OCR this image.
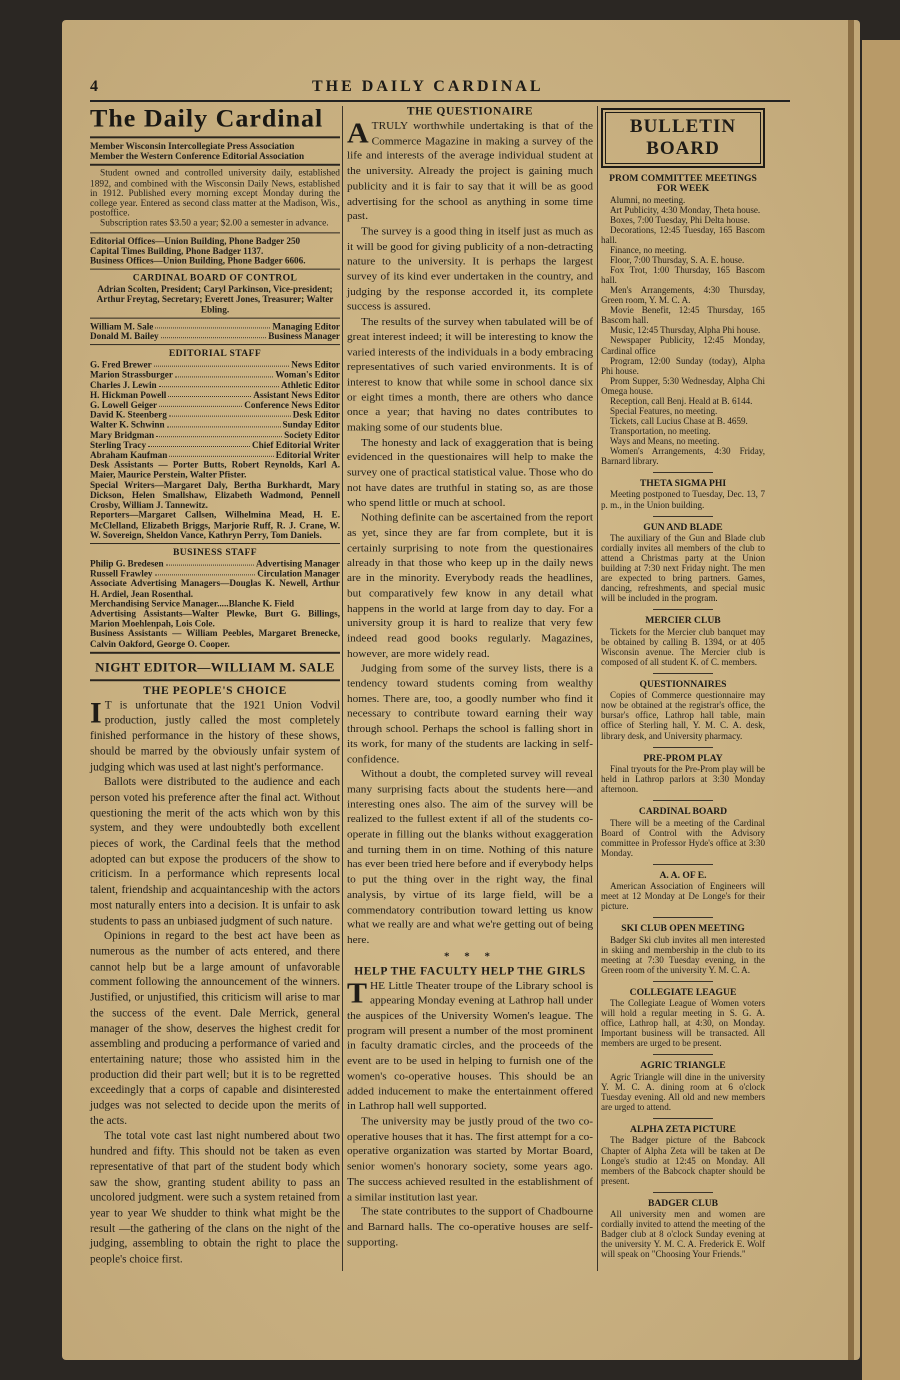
4	THE DAILY CARDINAL
The Daily Cardinal
Member Wisconsin Intercollegiate Press Association
Member the Western Conference Editorial Association
Student owned and controlled university daily, established 1892, and combined with the Wisconsin Daily News, established in 1912. Published every morning except Monday during the college year. Entered as second class matter at the Madison, Wis., postoffice.
Subscription rates $3.50 a year; $2.00 a semester in advance.
Editorial Offices—Union Building, Phone Badger 250
Capital Times Building, Phone Badger 1137.
Business Offices—Union Building, Phone Badger 6606.
CARDINAL BOARD OF CONTROL
Adrian Scolten, President; Caryl Parkinson, Vice-president; Arthur Freytag, Secretary; Everett Jones, Treasurer; Walter Ebling.
William M. Sale	Managing Editor
Donald M. Bailey	Business Manager
EDITORIAL STAFF
G. Fred Brewer	News Editor
Marion Strassburger	Woman's Editor
Charles J. Lewin	Athletic Editor
H. Hickman Powell	Assistant News Editor
G. Lowell Geiger	Conference News Editor
David K. Steenberg	Desk Editor
Walter K. Schwinn	Sunday Editor
Mary Bridgman	Society Editor
Sterling Tracy	Chief Editorial Writer
Abraham Kaufman	Editorial Writer
Desk Assistants — Porter Butts, Robert Reynolds, Karl A. Maier, Maurice Perstein, Walter Pfister.
Special Writers—Margaret Daly, Bertha Burkhardt, Mary Dickson, Helen Smallshaw, Elizabeth Wadmond, Pennell Crosby, William J. Tannewitz.
Reporters—Margaret Callsen, Wilhelmina Mead, H. E. McClelland, Elizabeth Briggs, Marjorie Ruff, R. J. Crane, W. W. Sovereign, Sheldon Vance, Kathryn Perry, Tom Daniels.
BUSINESS STAFF
Philip G. Bredesen	Advertising Manager
Russell Frawley	Circulation Manager
Associate Advertising Managers—Douglas K. Newell, Arthur H. Ardiel, Jean Rosenthal.
Merchandising Service Manager.....Blanche K. Field
Advertising Assistants—Walter Plewke, Burt G. Billings, Marion Moehlenpah, Lois Cole.
Business Assistants — William Peebles, Margaret Brenecke, Calvin Oakford, George O. Cooper.
NIGHT EDITOR—WILLIAM M. SALE
THE PEOPLE'S CHOICE

I T is unfortunate that the 1921 Union Vodvil production, justly called the most completely finished performance in the history of these shows, should be marred by the obviously unfair system of judging which was used at last night's performance.

Ballots were distributed to the audience and each person voted his preference after the final act. Without questioning the merit of the acts which won by this system, and they were undoubtedly both excellent pieces of work, the Cardinal feels that the method adopted can but expose the producers of the show to criticism. In a performance which represents local talent, friendship and acquaintanceship with the actors most naturally enters into a decision. It is unfair to ask students to pass an unbiased judgment of such nature.

Opinions in regard to the best act have been as numerous as the number of acts entered, and there cannot help but be a large amount of unfavorable comment following the announcement of the winners. Justified, or unjustified, this criticism will arise to mar the success of the event. Dale Merrick, general manager of the show, deserves the highest credit for assembling and producing a performance of varied and entertaining nature; those who assisted him in the production did their part well; but it is to be regretted exceedingly that a corps of capable and disinterested judges was not selected to decide upon the merits of the acts.

The total vote cast last night numbered about two hundred and fifty. This should not be taken as even representative of that part of the student body which saw the show, granting student ability to pass an uncolored judgment. were such a system retained from year to year We shudder to think what might be the result —the gathering of the clans on the night of the judging, assembling to obtain the right to place the people's choice first.

THE QUESTIONAIRE

ATRULY worthwhile undertaking is that of the Commerce Magazine in making a survey of the life and interests of the average individual student at the university. Already the project is gaining much publicity and it is fair to say that it will be as good advertising for the school as anything in some time past.

The survey is a good thing in itself just as much as it will be good for giving publicity of a non-detracting nature to the university. It is perhaps the largest survey of its kind ever undertaken in the country, and judging by the response accorded it, its complete success is assured.

The results of the survey when tabulated will be of great interest indeed; it will be interesting to know the varied interests of the individuals in a body embracing representatives of such varied environments. It is of interest to know that while some in school dance six or eight times a month, there are others who dance once a year; that having no dates contributes to making some of our students blue.

The honesty and lack of exaggeration that is being evidenced in the questionaires will help to make the survey one of practical statistical value. Those who do not have dates are truthful in stating so, as are those who spend little or much at school.

Nothing definite can be ascertained from the report as yet, since they are far from complete, but it is certainly surprising to note from the questionaires already in that those who keep up in the daily news are in the minority. Everybody reads the headlines, but comparatively few know in any detail what happens in the world at large from day to day. For a university group it is hard to realize that very few indeed read good books regularly. Magazines, however, are more widely read.

Judging from some of the survey lists, there is a tendency toward students coming from wealthy homes. There are, too, a goodly number who find it necessary to contribute toward earning their way through school. Perhaps the school is falling short in its work, for many of the students are lacking in self-confidence.

Without a doubt, the completed survey will reveal many surprising facts about the students here—and interesting ones also. The aim of the survey will be realized to the fullest extent if all of the students co-operate in filling out the blanks without exaggeration and turning them in on time. Nothing of this nature has ever been tried here before and if everybody helps to put the thing over in the right way, the final analysis, by virtue of its large field, will be a commendatory contribution toward letting us know what we really are and what we're getting out of being here.

* * *
HELP THE FACULTY HELP THE GIRLS

THE Little Theater troupe of the Library school is appearing Monday evening at Lathrop hall under the auspices of the University Women's league. The program will present a number of the most prominent in faculty dramatic circles, and the proceeds of the event are to be used in helping to furnish one of the women's co-operative houses. This should be an added inducement to make the entertainment offered in Lathrop hall well supported.

The university may be justly proud of the two co-operative houses that it has. The first attempt for a co-operative organization was started by Mortar Board, senior women's honorary society, some years ago. The success achieved resulted in the establishment of a similar institution last year.

The state contributes to the support of Chadbourne and Barnard halls. The co-operative houses are self-supporting.

BULLETIN BOARD
PROM COMMITTEE MEETINGS
FOR WEEK
Alumni, no meeting.
Art Publicity, 4:30 Monday, Theta house.
Boxes, 7:00 Tuesday, Phi Delta house.
Decorations, 12:45 Tuesday, 165 Bascom hall.
Finance, no meeting.
Floor, 7:00 Thursday, S. A. E. house.
Fox Trot, 1:00 Thursday, 165 Bascom hall.
Men's Arrangements, 4:30 Thursday, Green room, Y. M. C. A.
Movie Benefit, 12:45 Thursday, 165 Bascom hall.
Music, 12:45 Thursday, Alpha Phi house.
Newspaper Publicity, 12:45 Monday, Cardinal office
Program, 12:00 Sunday (today), Alpha Phi house.
Prom Supper, 5:30 Wednesday, Alpha Chi Omega house.
Reception, call Benj. Heald at B. 6144.
Special Features, no meeting.
Tickets, call Lucius Chase at B. 4659.
Transportation, no meeting.
Ways and Means, no meeting.
Women's Arrangements, 4:30 Friday, Barnard library.
THETA SIGMA PHI
Meeting postponed to Tuesday, Dec. 13, 7 p. m., in the Union building.
GUN AND BLADE
The auxiliary of the Gun and Blade club cordially invites all members of the club to attend a Christmas party at the Union building at 7:30 next Friday night. The men are expected to bring partners. Games, dancing, refreshments, and special music will be included in the program.
MERCIER CLUB
Tickets for the Mercier club banquet may be obtained by calling B. 1394, or at 405 Wisconsin avenue. The Mercier club is composed of all student K. of C. members.
QUESTIONNAIRES
Copies of Commerce questionnaire may now be obtained at the registrar's office, the bursar's office, Lathrop hall table, main office of Sterling hall, Y. M. C. A. desk, library desk, and University pharmacy.
PRE-PROM PLAY
Final tryouts for the Pre-Prom play will be held in Lathrop parlors at 3:30 Monday afternoon.
CARDINAL BOARD
There will be a meeting of the Cardinal Board of Control with the Advisory committee in Professor Hyde's office at 3:30 Monday.
A. A. OF E.
American Association of Engineers will meet at 12 Monday at De Longe's for their picture.
SKI CLUB OPEN MEETING
Badger Ski club invites all men interested in skiing and membership in the club to its meeting at 7:30 Tuesday evening, in the Green room of the university Y. M. C. A.
COLLEGIATE LEAGUE
The Collegiate League of Women voters will hold a regular meeting in S. G. A. office, Lathrop hall, at 4:30, on Monday. Important business will be transacted. All members are urged to be present.
AGRIC TRIANGLE
Agric Triangle will dine in the university Y. M. C. A. dining room at 6 o'clock Tuesday evening. All old and new members are urged to attend.
ALPHA ZETA PICTURE
The Badger picture of the Babcock Chapter of Alpha Zeta will be taken at De Longe's studio at 12:45 on Monday. All members of the Babcock chapter should be present.
BADGER CLUB
All university men and women are cordially invited to attend the meeting of the Badger club at 8 o'clock Sunday evening at the university Y. M. C. A. Frederick E. Wolf will speak on "Choosing Your Friends."
